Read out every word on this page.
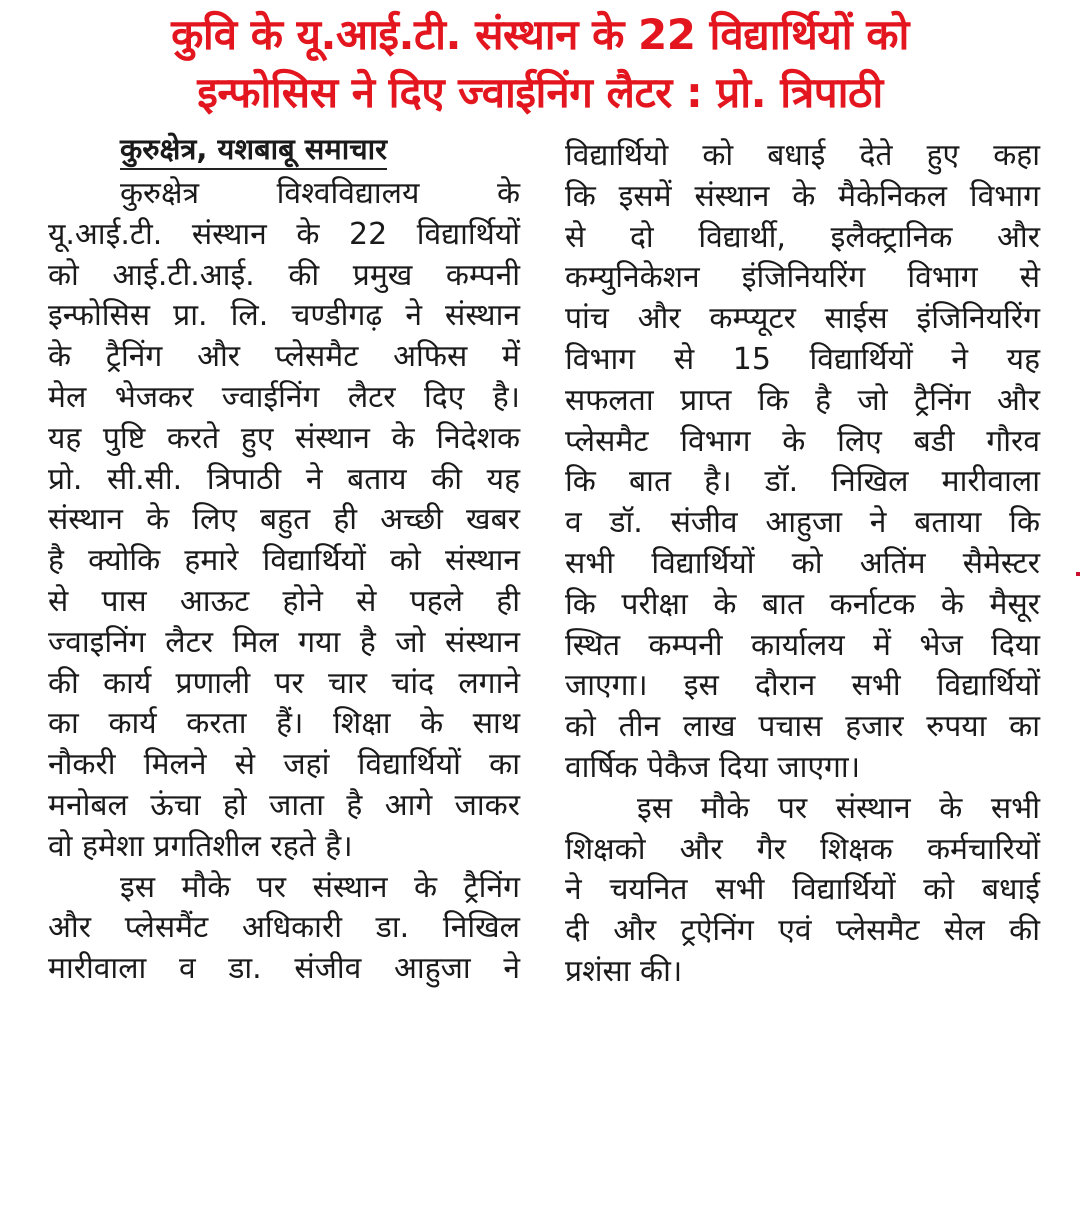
कुवि के यू.आई.टी. संस्थान के 22 विद्यार्थियों को
इन्फोसिस ने दिए ज्वाईनिंग लैटर : प्रो. त्रिपाठी
कुरुक्षेत्र, यशबाबू समाचार
कुरुक्षेत्र विश्वविद्यालय के
यू.आई.टी. संस्थान के 22 विद्यार्थियों
को आई.टी.आई. की प्रमुख कम्पनी
इन्फोसिस प्रा. लि. चण्डीगढ़ ने संस्थान
के ट्रैनिंग और प्लेसमैट अफिस में
मेल भेजकर ज्वाईनिंग लैटर दिए है।
यह पुष्टि करते हुए संस्थान के निदेशक
प्रो. सी.सी. त्रिपाठी ने बताय की यह
संस्थान के लिए बहुत ही अच्छी खबर
है क्योकि हमारे विद्यार्थियों को संस्थान
से पास आऊट होने से पहले ही
ज्वाइनिंग लैटर मिल गया है जो संस्थान
की कार्य प्रणाली पर चार चांद लगाने
का कार्य करता हैं। शिक्षा के साथ
नौकरी मिलने से जहां विद्यार्थियों का
मनोबल ऊंचा हो जाता है आगे जाकर
वो हमेशा प्रगतिशील रहते है।
इस मौके पर संस्थान के ट्रैनिंग
और प्लेसमैंट अधिकारी डा. निखिल
मारीवाला व डा. संजीव आहुजा ने
विद्यार्थियो को बधाई देते हुए कहा
कि इसमें संस्थान के मैकेनिकल विभाग
से दो विद्यार्थी, इलैक्ट्रानिक और
कम्युनिकेशन इंजिनियरिंग विभाग से
पांच और कम्प्यूटर साईस इंजिनियरिंग
विभाग से 15 विद्यार्थियों ने यह
सफलता प्राप्त कि है जो ट्रैनिंग और
प्लेसमैट विभाग के लिए बडी गौरव
कि बात है। डॉ. निखिल मारीवाला
व डॉ. संजीव आहुजा ने बताया कि
सभी विद्यार्थियों को अतिंम सैमेस्टर
कि परीक्षा के बात कर्नाटक के मैसूर
स्थित कम्पनी कार्यालय में भेज दिया
जाएगा। इस दौरान सभी विद्यार्थियों
को तीन लाख पचास हजार रुपया का
वार्षिक पेकैज दिया जाएगा।
इस मौके पर संस्थान के सभी
शिक्षको और गैर शिक्षक कर्मचारियों
ने चयनित सभी विद्यार्थियों को बधाई
दी और ट्रऐनिंग एवं प्लेसमैट सेल की
प्रशंसा की।
